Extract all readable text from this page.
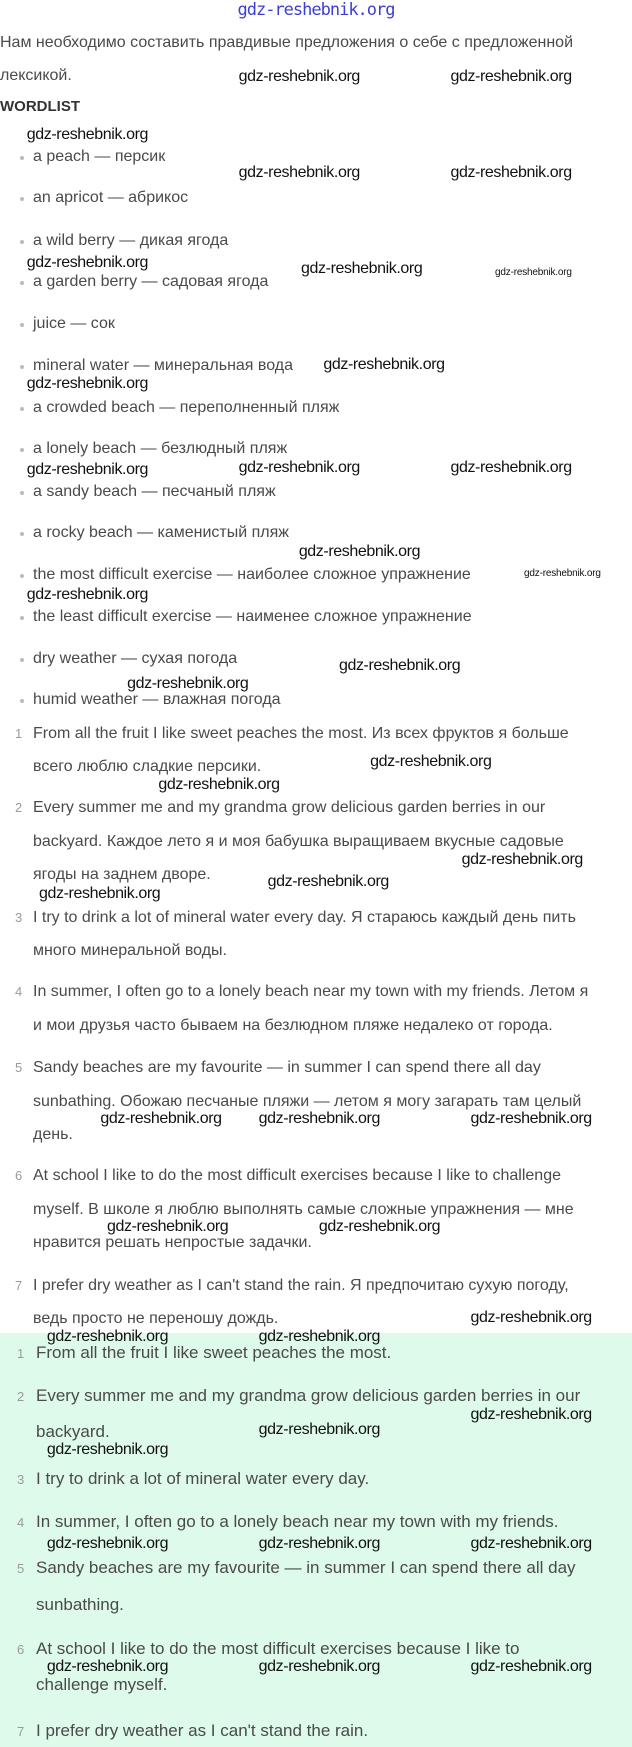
gdz-reshebnik.org
Нам необходимо составить правдивые предложения о себе с предложенной
лексикой.
WORDLIST
a peach — персик
an apricot — абрикос
a wild berry — дикая ягода
a garden berry — садовая ягода
juice — сок
mineral water — минеральная вода
a crowded beach — переполненный пляж
a lonely beach — безлюдный пляж
a sandy beach — песчаный пляж
a rocky beach — каменистый пляж
the most difficult exercise — наиболее сложное упражнение
the least difficult exercise — наименее сложное упражнение
dry weather — сухая погода
humid weather — влажная погода
1 From all the fruit I like sweet peaches the most. Из всех фруктов я больше
всего люблю сладкие персики.
2 Every summer me and my grandma grow delicious garden berries in our
backyard. Каждое лето я и моя бабушка выращиваем вкусные садовые
ягоды на заднем дворе.
3 I try to drink a lot of mineral water every day. Я стараюсь каждый день пить
много минеральной воды.
4 In summer, I often go to a lonely beach near my town with my friends. Летом я
и мои друзья часто бываем на безлюдном пляже недалеко от города.
5 Sandy beaches are my favourite — in summer I can spend there all day
sunbathing. Обожаю песчаные пляжи — летом я могу загарать там целый
день.
6 At school I like to do the most difficult exercises because I like to challenge
myself. В школе я люблю выполнять самые сложные упражнения — мне
нравится решать непростые задачки.
7 I prefer dry weather as I can't stand the rain. Я предпочитаю сухую погоду,
ведь просто не переношу дождь.
1 From all the fruit I like sweet peaches the most.
2 Every summer me and my grandma grow delicious garden berries in our
backyard.
3 I try to drink a lot of mineral water every day.
4 In summer, I often go to a lonely beach near my town with my friends.
5 Sandy beaches are my favourite — in summer I can spend there all day
sunbathing.
6 At school I like to do the most difficult exercises because I like to
challenge myself.
7 I prefer dry weather as I can't stand the rain.
gdz-reshebnik.org	gdz-reshebnik.org
gdz-reshebnik.org
gdz-reshebnik.org	gdz-reshebnik.org
gdz-reshebnik.org	gdz-reshebnik.org	gdz-reshebnik.org
gdz-reshebnik.org
gdz-reshebnik.org
gdz-reshebnik.org	gdz-reshebnik.org
gdz-reshebnik.org
gdz-reshebnik.org
gdz-reshebnik.org
gdz-reshebnik.org
gdz-reshebnik.org
gdz-reshebnik.org
gdz-reshebnik.org
gdz-reshebnik.org
gdz-reshebnik.org
gdz-reshebnik.org
gdz-reshebnik.org
gdz-reshebnik.org gdz-reshebnik.org	gdz-reshebnik.org
gdz-reshebnik.org	gdz-reshebnik.org
gdz-reshebnik.org
gdz-reshebnik.org	gdz-reshebnik.org
gdz-reshebnik.org
gdz-reshebnik.org
gdz-reshebnik.org
gdz-reshebnik.org	gdz-reshebnik.org	gdz-reshebnik.org
gdz-reshebnik.org	gdz-reshebnik.org	gdz-reshebnik.org
